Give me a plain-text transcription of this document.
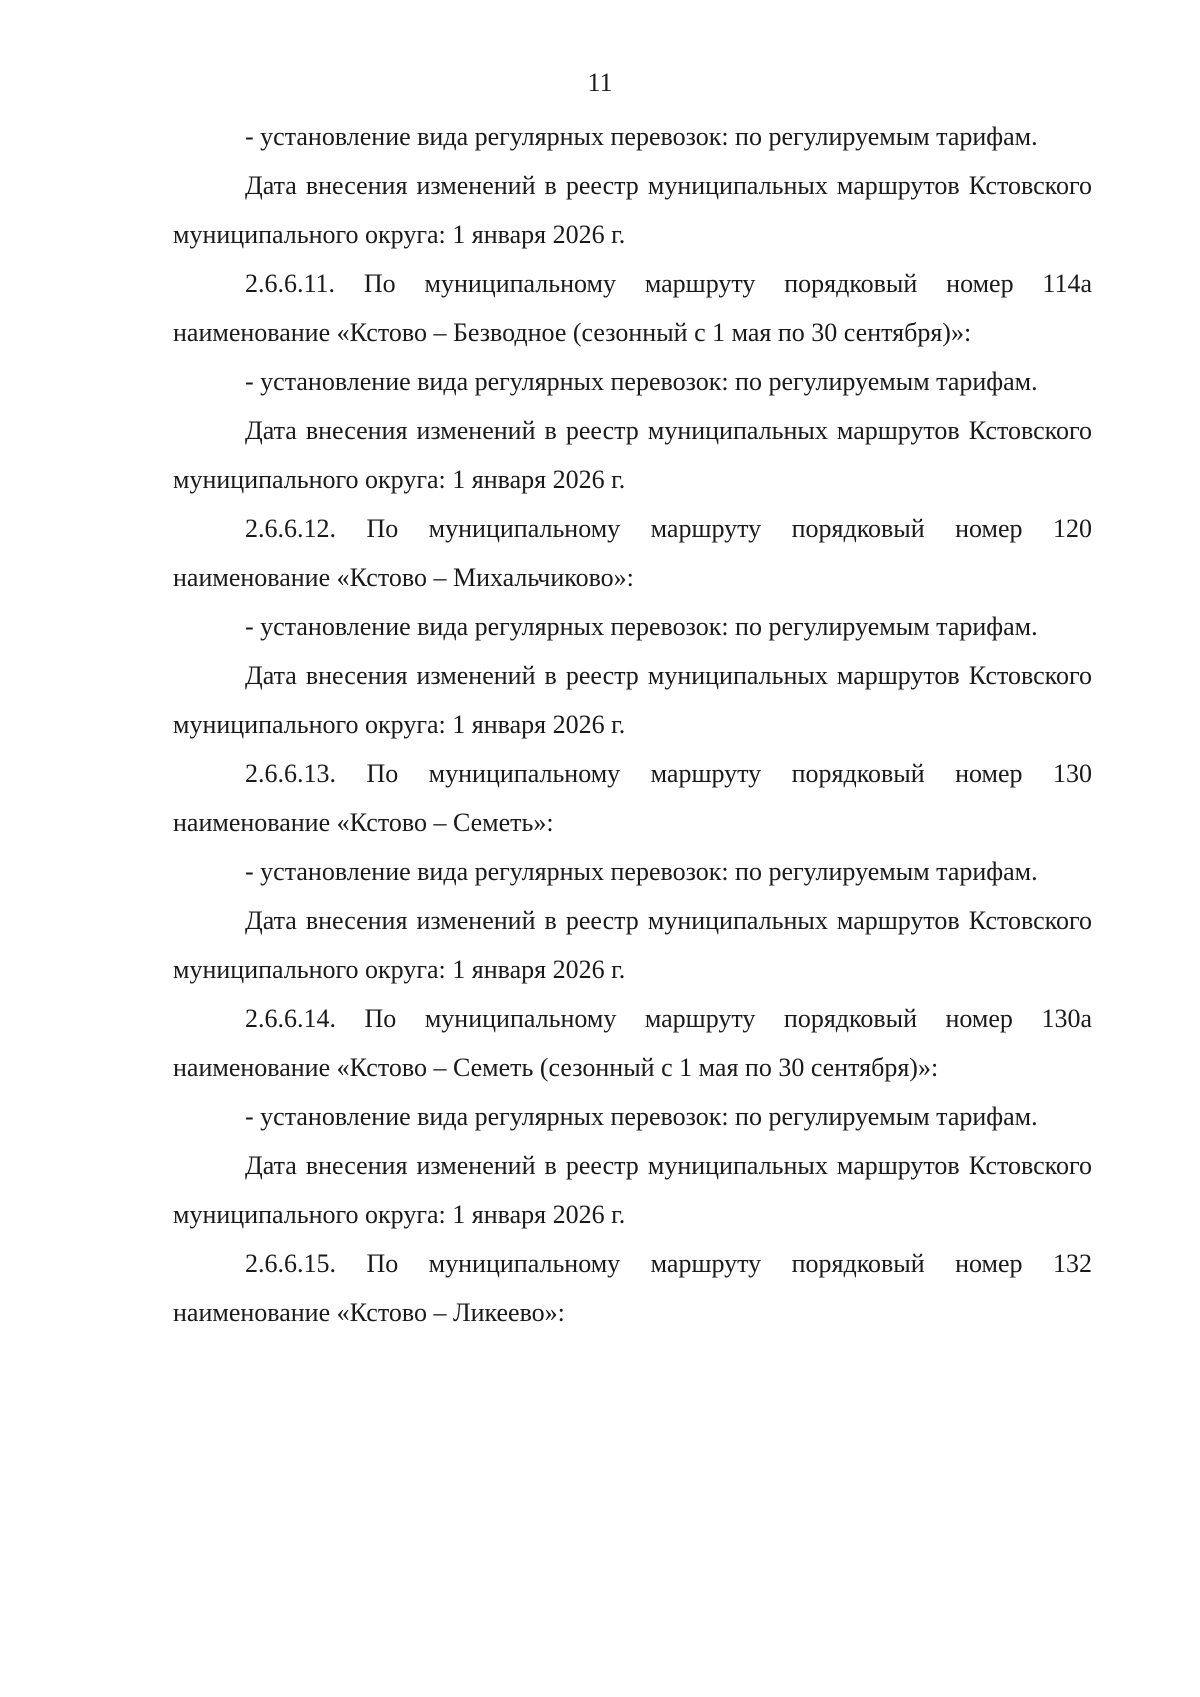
11

- установление вида регулярных перевозок: по регулируемым тарифам.

Дата внесения изменений в реестр муниципальных маршрутов Кстовского муниципального округа: 1 января 2026 г.

2.6.6.11. По муниципальному маршруту порядковый номер 114а наименование «Кстово – Безводное (сезонный с 1 мая по 30 сентября)»:

- установление вида регулярных перевозок: по регулируемым тарифам.

Дата внесения изменений в реестр муниципальных маршрутов Кстовского муниципального округа: 1 января 2026 г.

2.6.6.12. По муниципальному маршруту порядковый номер 120 наименование «Кстово – Михальчиково»:

- установление вида регулярных перевозок: по регулируемым тарифам.

Дата внесения изменений в реестр муниципальных маршрутов Кстовского муниципального округа: 1 января 2026 г.

2.6.6.13. По муниципальному маршруту порядковый номер 130 наименование «Кстово – Семеть»:

- установление вида регулярных перевозок: по регулируемым тарифам.

Дата внесения изменений в реестр муниципальных маршрутов Кстовского муниципального округа: 1 января 2026 г.

2.6.6.14. По муниципальному маршруту порядковый номер 130а наименование «Кстово – Семеть (сезонный с 1 мая по 30 сентября)»:

- установление вида регулярных перевозок: по регулируемым тарифам.

Дата внесения изменений в реестр муниципальных маршрутов Кстовского муниципального округа: 1 января 2026 г.

2.6.6.15. По муниципальному маршруту порядковый номер 132 наименование «Кстово – Ликеево»:
